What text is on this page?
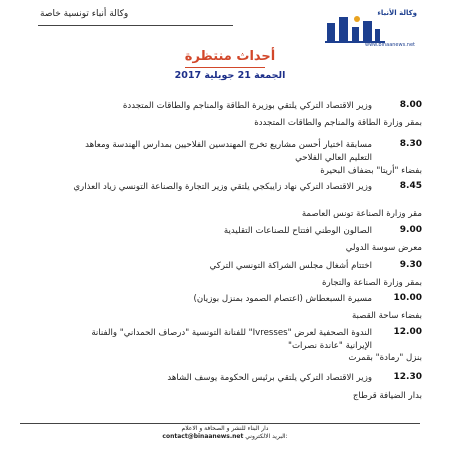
وكالة أنباء تونسية خاصة	وكالة الأنباء
www.binaanews.net
أحداث منتظرة
الجمعة 21 جويلية 2017
8.00
وزير الاقتصاد التركي يلتقي بوزيرة الطاقة والمناجم والطاقات المتجددة
بمقر وزارة الطاقة والمناجم والطاقات المتجددة
8.30
مسابقة اختيار أحسن مشاريع تخرج المهندسين الفلاحيين بمدارس الهندسة ومعاهد التعليم العالي الفلاحي
بفضاء "أريتا" بضفاف البحيرة
8.45
وزير الاقتصاد التركي نهاد زايبكجي يلتقي وزير التجارة والصناعة التونسي زياد العذاري
مقر وزارة الصناعة تونس العاصمة
9.00
الصالون الوطني افتتاح للصناعات التقليدية
معرض سوسة الدولي
9.30
اختتام أشغال مجلس الشراكة التونسي التركي
بمقر وزارة الصناعة والتجارة
10.00
مسيرة السبعطاش (اعتصام الصمود بمنزل بوزيان)
بفضاء ساحة القصبة
12.00
الندوة الصحفية لعرض "Ivresses" للفنانة التونسية "درصاف الحمداني" والفنانة الإيرانية "عاندة نصرات"
بنزل "رمادة" بقمرت
12.30
وزير الاقتصاد التركي يلتقي برئيس الحكومة يوسف الشاهد
بدار الضيافة قرطاج
دار البناء للنشر و الصحافة و الاعلام
contact@binaanews.net البريد الالكتروني:
